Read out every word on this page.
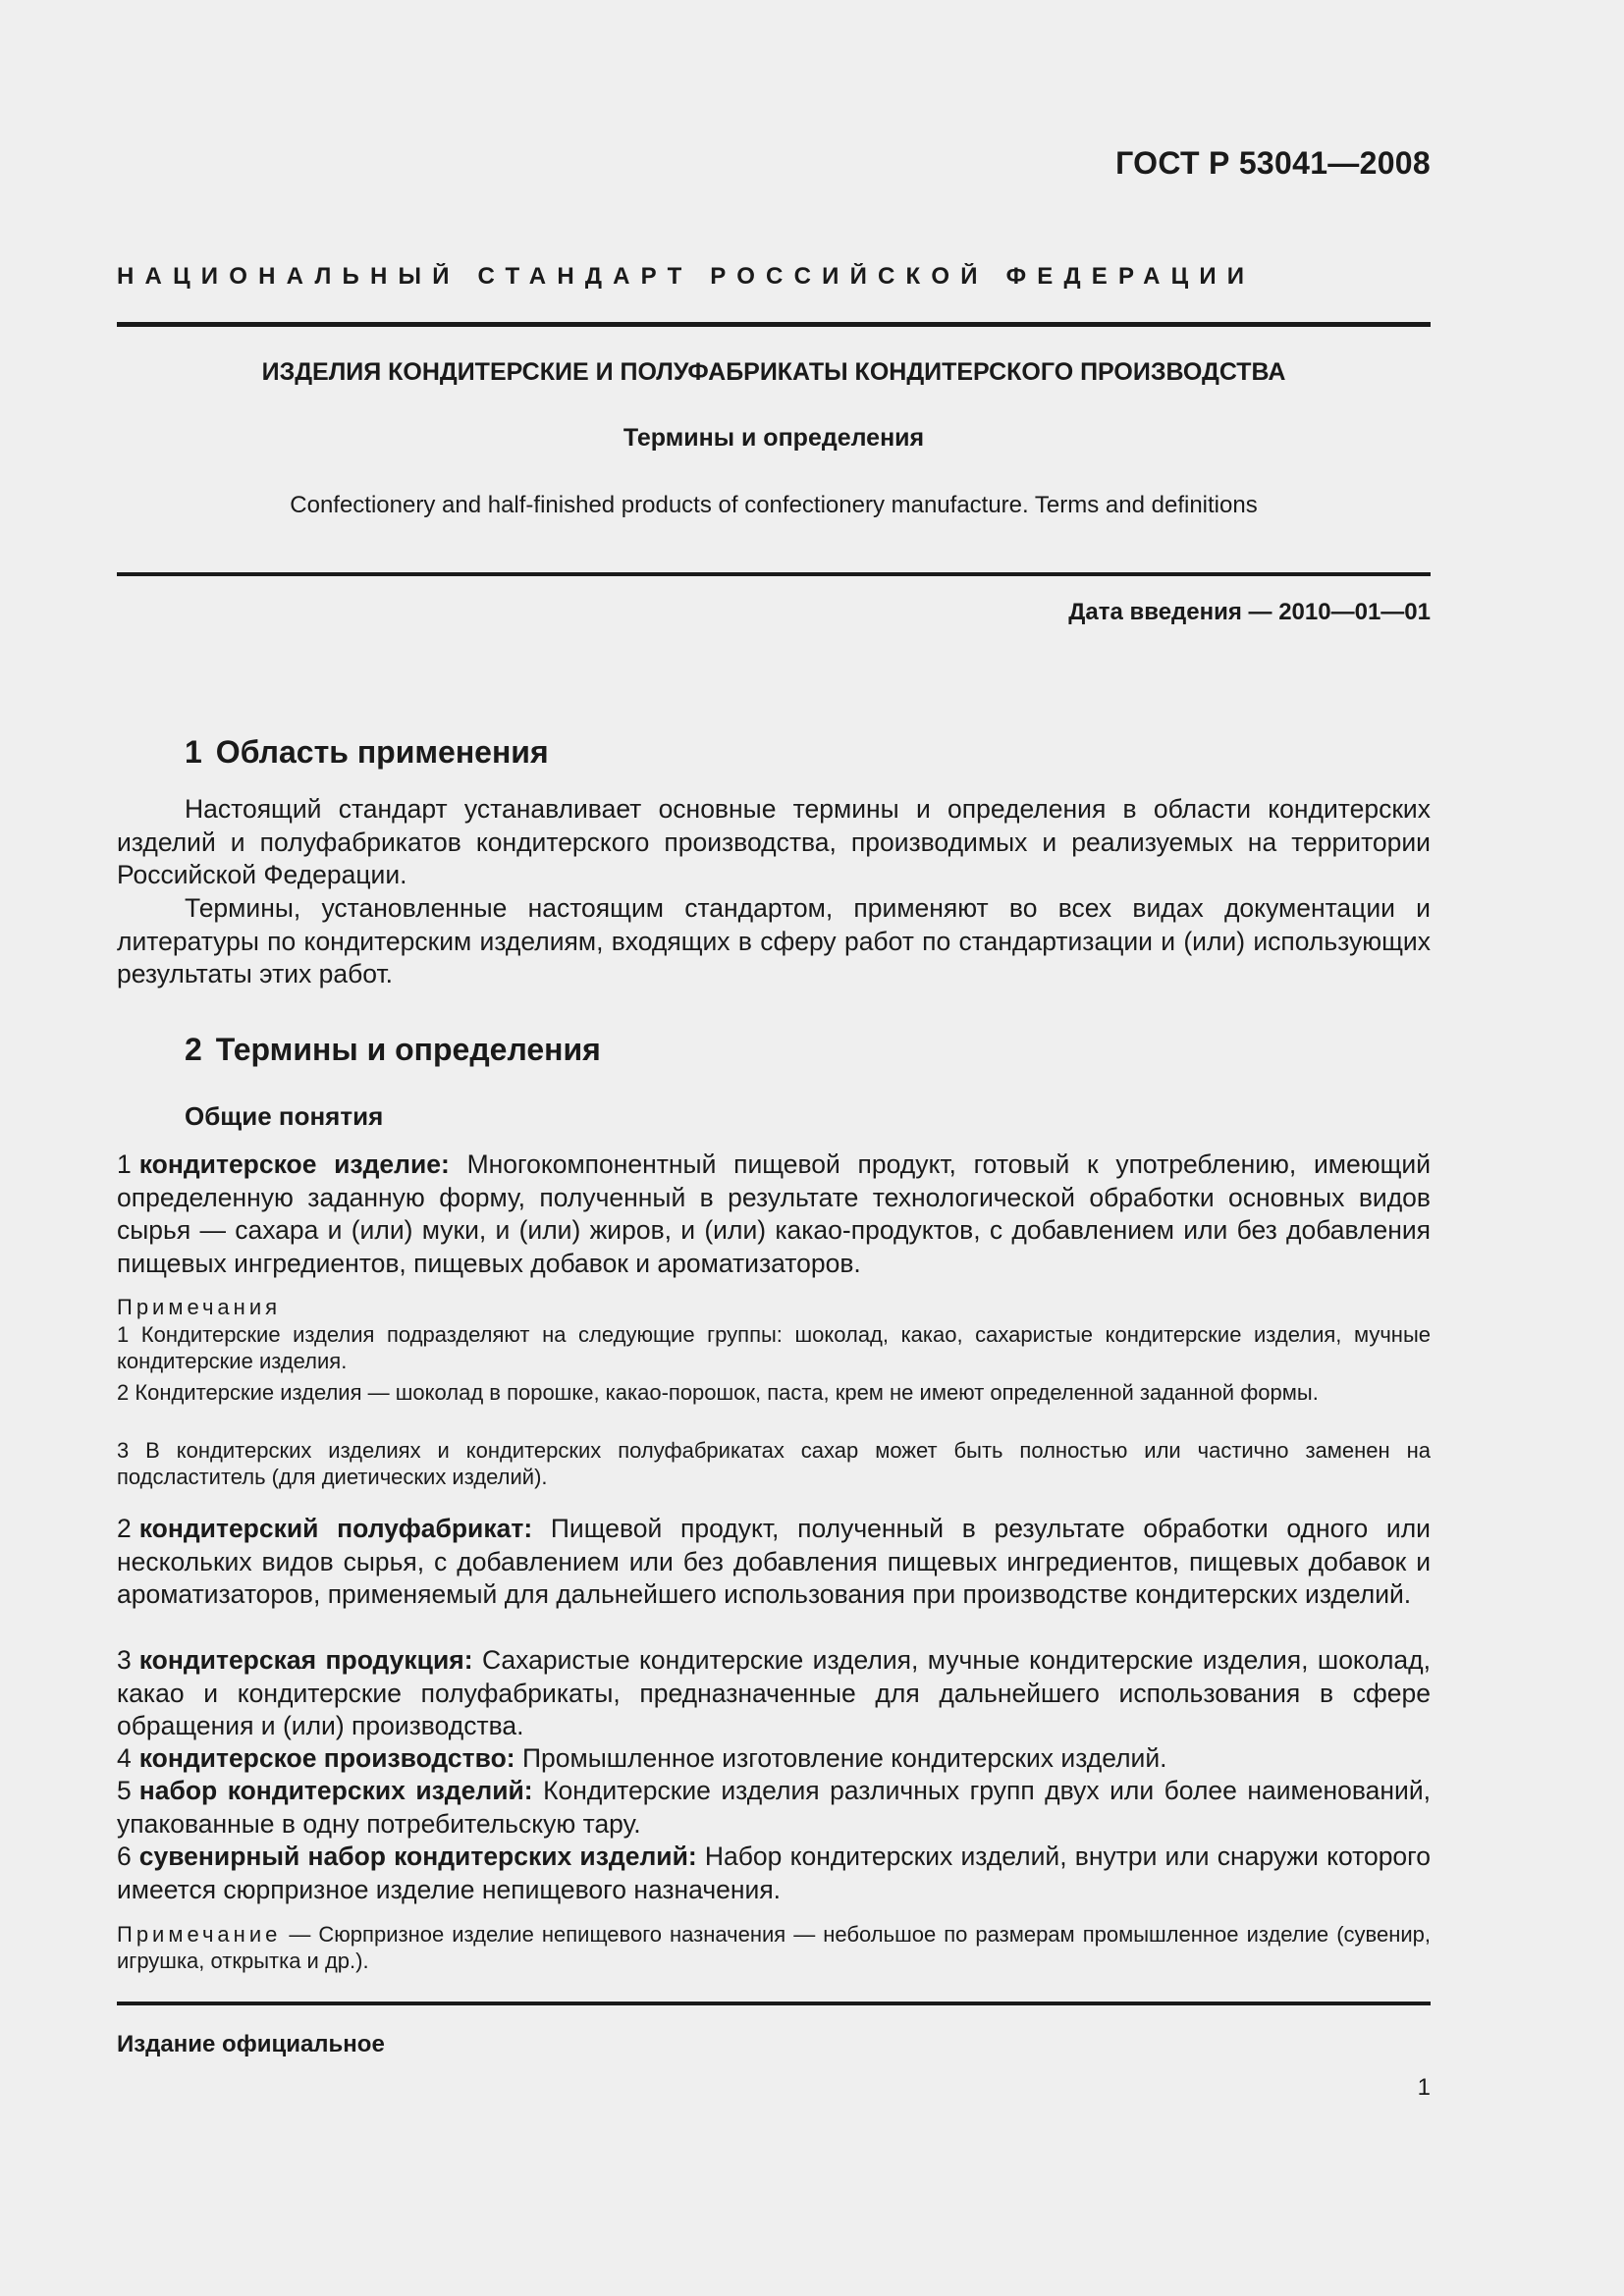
ГОСТ Р 53041—2008
НАЦИОНАЛЬНЫЙ СТАНДАРТ РОССИЙСКОЙ ФЕДЕРАЦИИ
ИЗДЕЛИЯ КОНДИТЕРСКИЕ И ПОЛУФАБРИКАТЫ КОНДИТЕРСКОГО ПРОИЗВОДСТВА
Термины и определения
Confectionery and half-finished products of confectionery manufacture. Terms and definitions
Дата введения — 2010—01—01
1 Область применения

Настоящий стандарт устанавливает основные термины и определения в области кондитерских изделий и полуфабрикатов кондитерского производства, производимых и реализуемых на территории Российской Федерации.

Термины, установленные настоящим стандартом, применяют во всех видах документации и литературы по кондитерским изделиям, входящих в сферу работ по стандартизации и (или) использующих результаты этих работ.

2 Термины и определения
Общие понятия

1 кондитерское изделие: Многокомпонентный пищевой продукт, готовый к употреблению, имеющий определенную заданную форму, полученный в результате технологической обработки основных видов сырья — сахара и (или) муки, и (или) жиров, и (или) какао-продуктов, с добавлением или без добавления пищевых ингредиентов, пищевых добавок и ароматизаторов.

Примечания

1 Кондитерские изделия подразделяют на следующие группы: шоколад, какао, сахаристые кондитерские изделия, мучные кондитерские изделия.

2 Кондитерские изделия — шоколад в порошке, какао-порошок, паста, крем не имеют определенной заданной формы.

3 В кондитерских изделиях и кондитерских полуфабрикатах сахар может быть полностью или частично заменен на подсластитель (для диетических изделий).

2 кондитерский полуфабрикат: Пищевой продукт, полученный в результате обработки одного или нескольких видов сырья, с добавлением или без добавления пищевых ингредиентов, пищевых добавок и ароматизаторов, применяемый для дальнейшего использования при производстве кондитерских изделий.

3 кондитерская продукция: Сахаристые кондитерские изделия, мучные кондитерские изделия, шоколад, какао и кондитерские полуфабрикаты, предназначенные для дальнейшего использования в сфере обращения и (или) производства.

4 кондитерское производство: Промышленное изготовление кондитерских изделий.

5 набор кондитерских изделий: Кондитерские изделия различных групп двух или более наименований, упакованные в одну потребительскую тару.

6 сувенирный набор кондитерских изделий: Набор кондитерских изделий, внутри или снаружи которого имеется сюрпризное изделие непищевого назначения.

Примечание — Сюрпризное изделие непищевого назначения — небольшое по размерам промышленное изделие (сувенир, игрушка, открытка и др.).

Издание официальное
1
